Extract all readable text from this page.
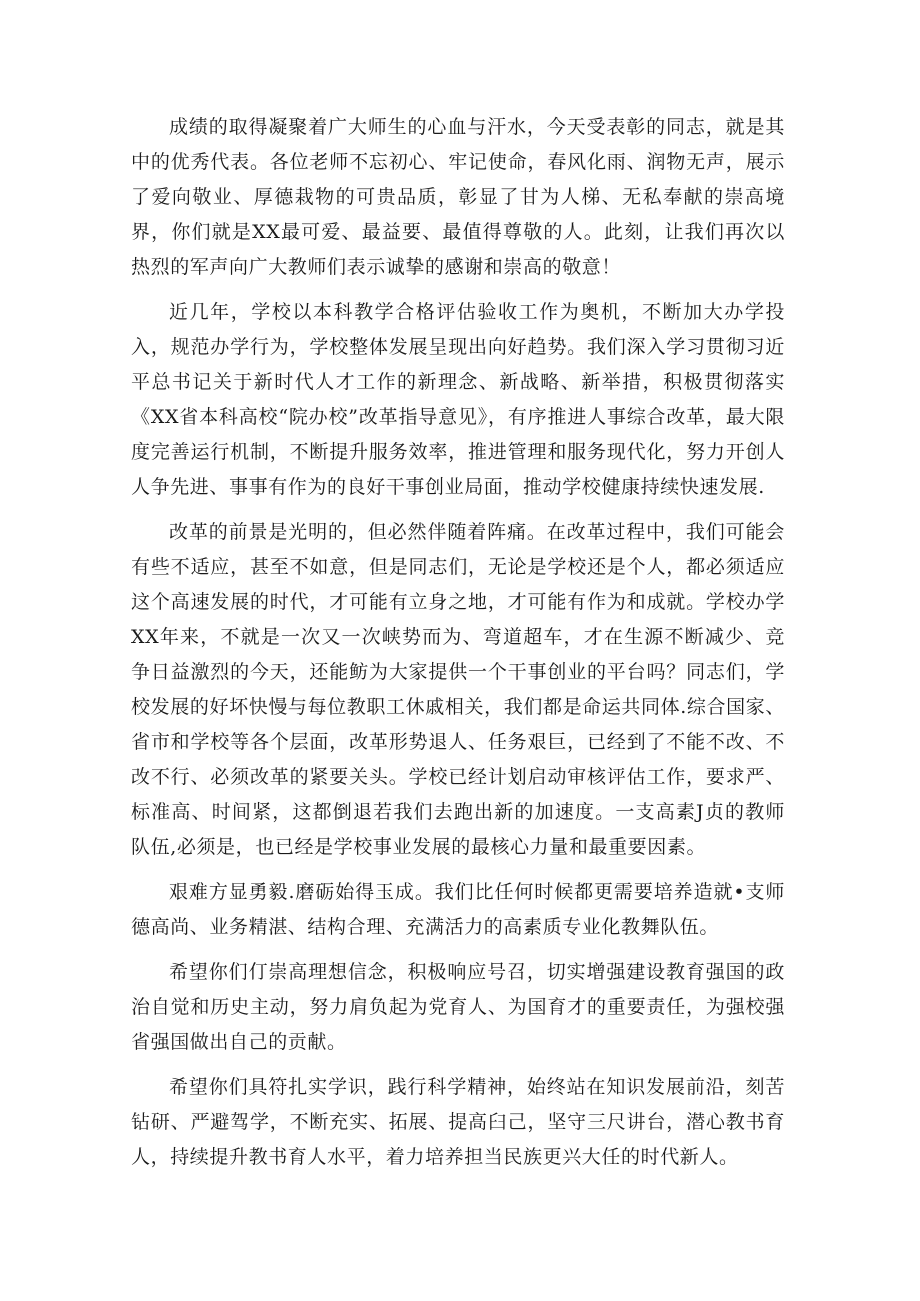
成绩的取得凝聚着广大师生的心血与汗水，今天受表彰的同志，就是其中的优秀代表。各位老师不忘初心、牢记使命，春风化雨、润物无声，展示了爱向敬业、厚德栽物的可贵品质，彰显了甘为人梯、无私奉献的崇高境界，你们就是XX最可爱、最益要、最值得尊敬的人。此刻，让我们再次以热烈的军声向广大教师们表示诚挚的感谢和崇高的敬意！

近几年，学校以本科教学合格评估验收工作为奥机，不断加大办学投入，规范办学行为，学校整体发展呈现出向好趋势。我们深入学习贯彻习近平总书记关于新时代人才工作的新理念、新战略、新举措，积极贯彻落实《XX省本科高校“院办校”改革指导意见》，有序推进人事综合改革，最大限度完善运行机制，不断提升服务效率，推进管理和服务现代化，努力开创人人争先进、事事有作为的良好干事创业局面，推动学校健康持续快速发展.

改革的前景是光明的，但必然伴随着阵痛。在改革过程中，我们可能会有些不适应，甚至不如意，但是同志们，无论是学校还是个人，都必须适应这个高速发展的时代，才可能有立身之地，才可能有作为和成就。学校办学XX年来，不就是一次又一次峡势而为、弯道超车，才在生源不断减少、竞争日益激烈的今天，还能鲂为大家提供一个干事创业的平台吗？同志们，学校发展的好坏快慢与每位教职工休戚相关，我们都是命运共同体.综合国家、省市和学校等各个层面，改革形势退人、任务艰巨，已经到了不能不改、不改不行、必须改革的紧要关头。学校已经计划启动审核评估工作，要求严、标准高、时间紧，这都倒退若我们去跑出新的加速度。一支高素J贞的教师队伍,必须是，也已经是学校事业发展的最核心力量和最重要因素。

艰难方显勇毅.磨砺始得玉成。我们比任何时候都更需要培养造就•支师德高尚、业务精湛、结构合理、充满活力的高素质专业化教舞队伍。

希望你们仃崇高理想信念，积极响应号召，切实增强建设教育强国的政治自觉和历史主动，努力肩负起为党育人、为国育才的重要责任，为强校强省强国做出自己的贡献。

希望你们具符扎实学识，践行科学精神，始终站在知识发展前沿，刻苦钻研、严避驾学，不断充实、拓展、提高臼己，坚守三尺讲台，潜心教书育人，持续提升教书育人水平，着力培养担当民族更兴大任的时代新人。
